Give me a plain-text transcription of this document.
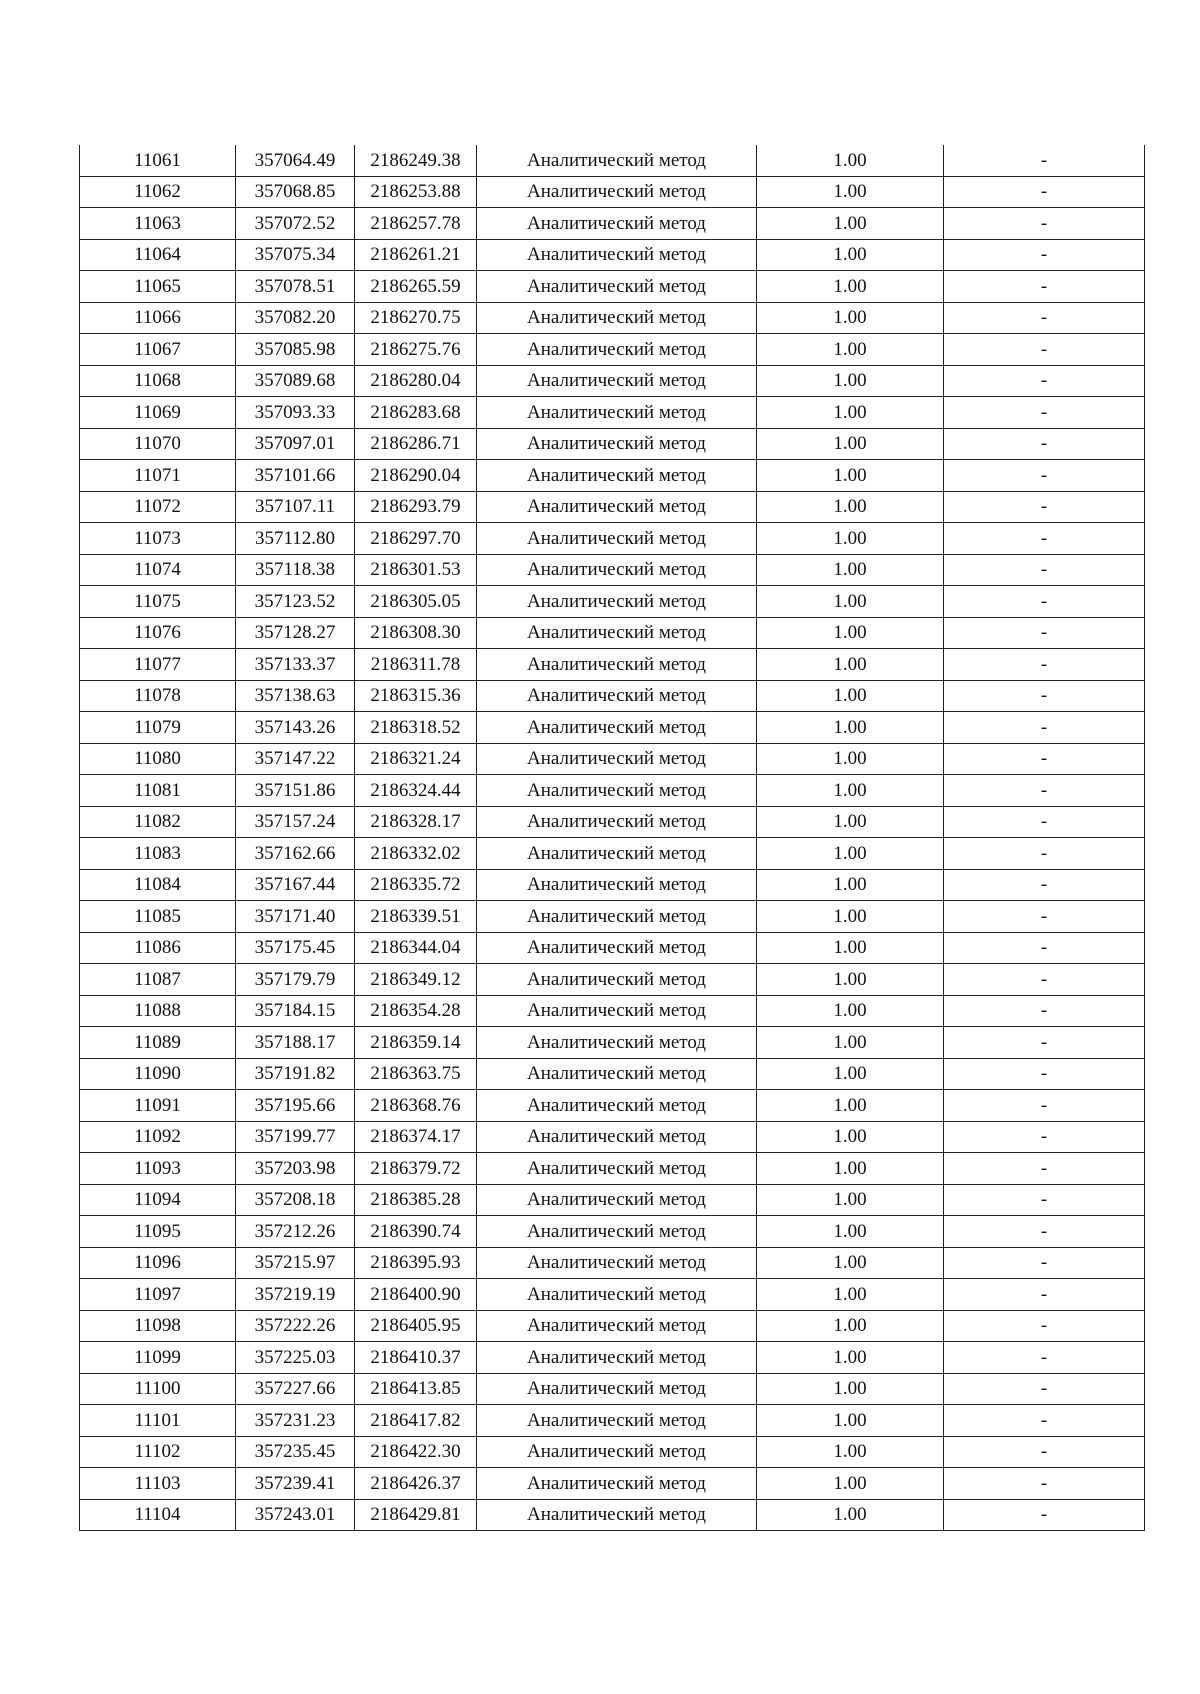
11061	357064.49	2186249.38	Аналитический метод	1.00	-
11062	357068.85	2186253.88	Аналитический метод	1.00	-
11063	357072.52	2186257.78	Аналитический метод	1.00	-
11064	357075.34	2186261.21	Аналитический метод	1.00	-
11065	357078.51	2186265.59	Аналитический метод	1.00	-
11066	357082.20	2186270.75	Аналитический метод	1.00	-
11067	357085.98	2186275.76	Аналитический метод	1.00	-
11068	357089.68	2186280.04	Аналитический метод	1.00	-
11069	357093.33	2186283.68	Аналитический метод	1.00	-
11070	357097.01	2186286.71	Аналитический метод	1.00	-
11071	357101.66	2186290.04	Аналитический метод	1.00	-
11072	357107.11	2186293.79	Аналитический метод	1.00	-
11073	357112.80	2186297.70	Аналитический метод	1.00	-
11074	357118.38	2186301.53	Аналитический метод	1.00	-
11075	357123.52	2186305.05	Аналитический метод	1.00	-
11076	357128.27	2186308.30	Аналитический метод	1.00	-
11077	357133.37	2186311.78	Аналитический метод	1.00	-
11078	357138.63	2186315.36	Аналитический метод	1.00	-
11079	357143.26	2186318.52	Аналитический метод	1.00	-
11080	357147.22	2186321.24	Аналитический метод	1.00	-
11081	357151.86	2186324.44	Аналитический метод	1.00	-
11082	357157.24	2186328.17	Аналитический метод	1.00	-
11083	357162.66	2186332.02	Аналитический метод	1.00	-
11084	357167.44	2186335.72	Аналитический метод	1.00	-
11085	357171.40	2186339.51	Аналитический метод	1.00	-
11086	357175.45	2186344.04	Аналитический метод	1.00	-
11087	357179.79	2186349.12	Аналитический метод	1.00	-
11088	357184.15	2186354.28	Аналитический метод	1.00	-
11089	357188.17	2186359.14	Аналитический метод	1.00	-
11090	357191.82	2186363.75	Аналитический метод	1.00	-
11091	357195.66	2186368.76	Аналитический метод	1.00	-
11092	357199.77	2186374.17	Аналитический метод	1.00	-
11093	357203.98	2186379.72	Аналитический метод	1.00	-
11094	357208.18	2186385.28	Аналитический метод	1.00	-
11095	357212.26	2186390.74	Аналитический метод	1.00	-
11096	357215.97	2186395.93	Аналитический метод	1.00	-
11097	357219.19	2186400.90	Аналитический метод	1.00	-
11098	357222.26	2186405.95	Аналитический метод	1.00	-
11099	357225.03	2186410.37	Аналитический метод	1.00	-
11100	357227.66	2186413.85	Аналитический метод	1.00	-
11101	357231.23	2186417.82	Аналитический метод	1.00	-
11102	357235.45	2186422.30	Аналитический метод	1.00	-
11103	357239.41	2186426.37	Аналитический метод	1.00	-
11104	357243.01	2186429.81	Аналитический метод	1.00	-
